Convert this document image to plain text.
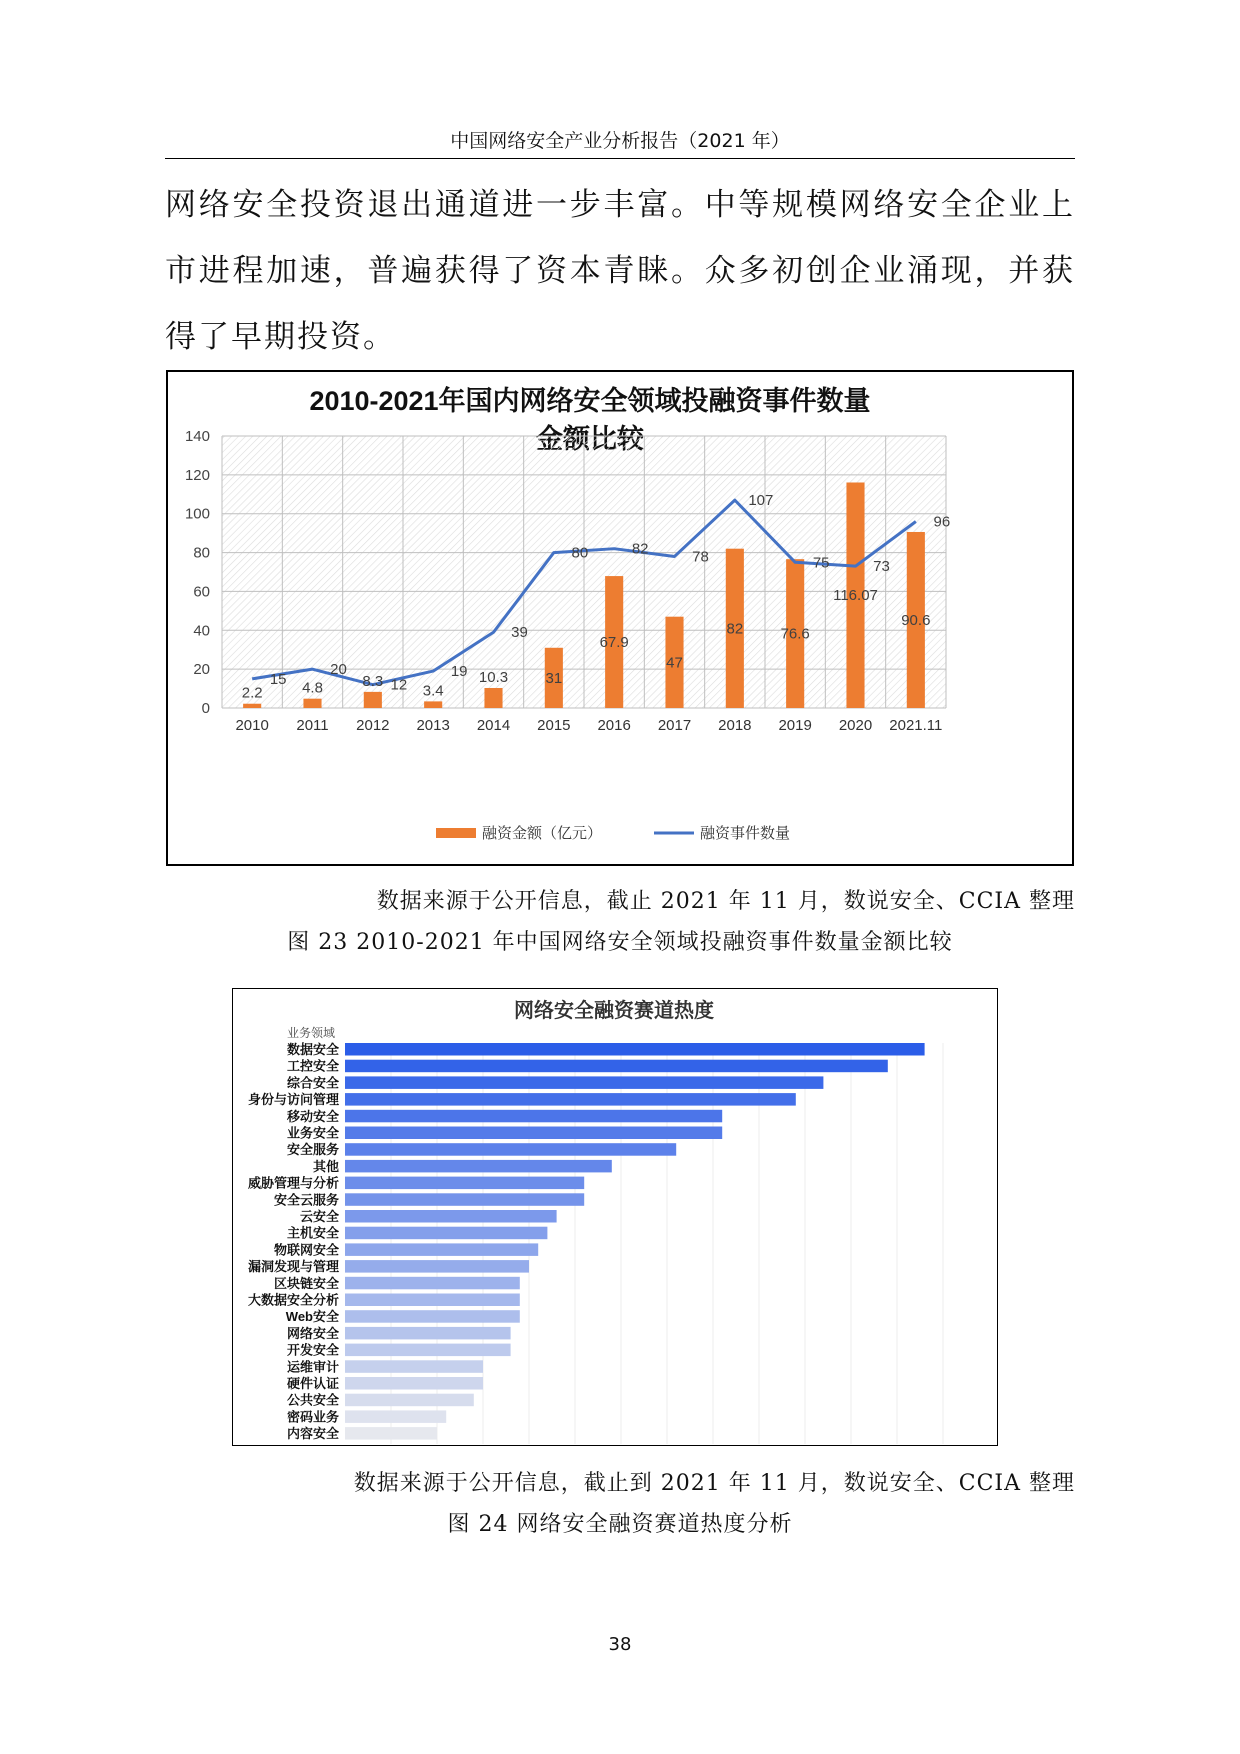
中国网络安全产业分析报告（2021 年）
网络安全投资退出通道进一步丰富。中等规模网络安全企业上
市进程加速，普遍获得了资本青睐。众多初创企业涌现，并获
得了早期投资。
2010-2021年国内网络安全领域投融资事件数量
0
20
40
60
80
100
120
140
2.2	4.8	8.3
3.4
10.3 31
67.9
47
82 76.6
116.07
90.6
15
20
12
19
39
80	82	78
107
75	73
96
2010 2011 2012 2013 2014 2015 2016 2017 2018 2019 2020 2021.11
融资金额（亿元）	融资事件数量
数据来源于公开信息，截止 2021 年 11 月，数说安全、CCIA 整理
图 23 2010-2021 年中国网络安全领域投融资事件数量金额比较
网络安全融资赛道热度
业务领域
数据安全
工控安全
综合安全
身份与访问管理
移动安全
业务安全
安全服务
其他
威胁管理与分析
安全云服务
云安全
主机安全
物联网安全
漏洞发现与管理
区块链安全
大数据安全分析
Web安全
网络安全
开发安全
运维审计
硬件认证
公共安全
密码业务
内容安全
数据来源于公开信息，截止到 2021 年 11 月，数说安全、CCIA 整理
图 24 网络安全融资赛道热度分析
38
